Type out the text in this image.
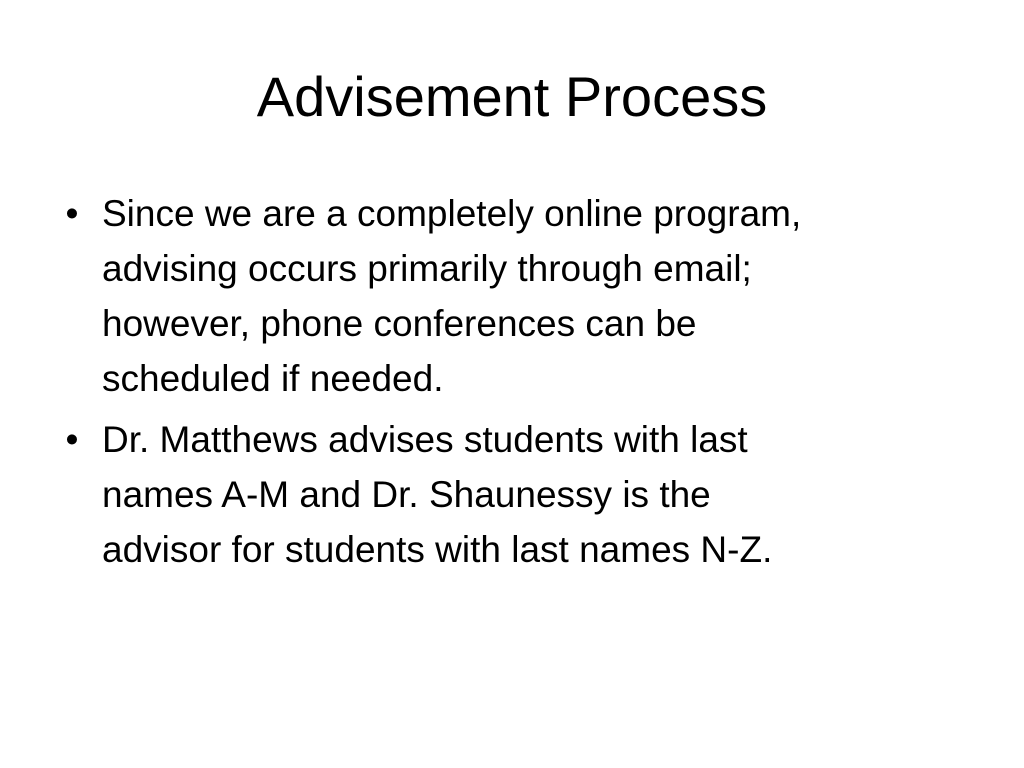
Advisement Process
• Since we are a completely online program,
advising occurs primarily through email;
however, phone conferences can be
scheduled if needed.
• Dr. Matthews advises students with last
names A-M and Dr. Shaunessy is the
advisor for students with last names N-Z.
